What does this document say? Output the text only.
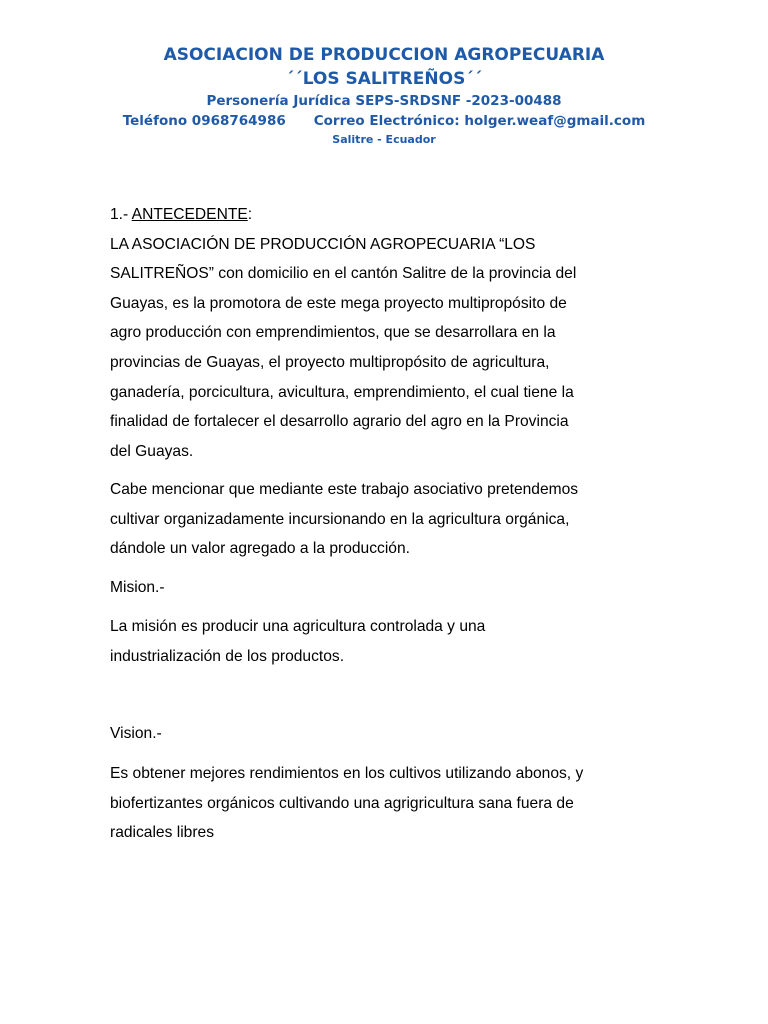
ASOCIACION DE PRODUCCION AGROPECUARIA
´´LOS SALITREÑOS´´
Personería Jurídica SEPS-SRDSNF -2023-00488
Teléfono 0968764986 Correo Electrónico: holger.weaf@gmail.com
Salitre - Ecuador
1.- ANTECEDENTE:
LA ASOCIACIÓN DE PRODUCCIÓN AGROPECUARIA “LOS
SALITREÑOS” con domicilio en el cantón Salitre de la provincia del
Guayas, es la promotora de este mega proyecto multipropósito de
agro producción con emprendimientos, que se desarrollara en la
provincias de Guayas, el proyecto multipropósito de agricultura,
ganadería, porcicultura, avicultura, emprendimiento, el cual tiene la
finalidad de fortalecer el desarrollo agrario del agro en la Provincia
del Guayas.
Cabe mencionar que mediante este trabajo asociativo pretendemos
cultivar organizadamente incursionando en la agricultura orgánica,
dándole un valor agregado a la producción.
Mision.-
La misión es producir una agricultura controlada y una
industrialización de los productos.
Vision.-
Es obtener mejores rendimientos en los cultivos utilizando abonos, y
biofertizantes orgánicos cultivando una agrigricultura sana fuera de
radicales libres
